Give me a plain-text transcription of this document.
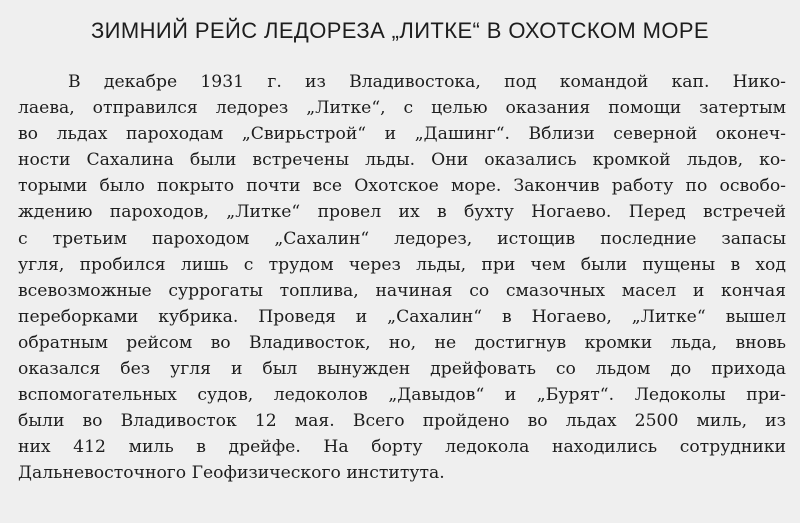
ЗИМНИЙ РЕЙС ЛЕДОРЕЗА „ЛИТКЕ“ В ОХОТСКОМ МОРЕ
В декабре 1931 г. из Владивостока, под командой кап. Нико-
лаева, отправился ледорез „Литке“, с целью оказания помощи затертым
во льдах пароходам „Свирьстрой“ и „Дашинг“. Вблизи северной оконеч-
ности Сахалина были встречены льды. Они оказались кромкой льдов, ко-
торыми было покрыто почти все Охотское море. Закончив работу по освобо-
ждению пароходов, „Литке“ провел их в бухту Ногаево. Перед встречей
с третьим пароходом „Сахалин“ ледорез, истощив последние запасы
угля, пробился лишь с трудом через льды, при чем были пущены в ход
всевозможные суррогаты топлива, начиная со смазочных масел и кончая
переборками кубрика. Проведя и „Сахалин“ в Ногаево, „Литке“ вышел
обратным рейсом во Владивосток, но, не достигнув кромки льда, вновь
оказался без угля и был вынужден дрейфовать со льдом до прихода
вспомогательных судов, ледоколов „Давыдов“ и „Бурят“. Ледоколы при-
были во Владивосток 12 мая. Всего пройдено во льдах 2500 миль, из
них 412 миль в дрейфе. На борту ледокола находились сотрудники
Дальневосточного Геофизического института.
